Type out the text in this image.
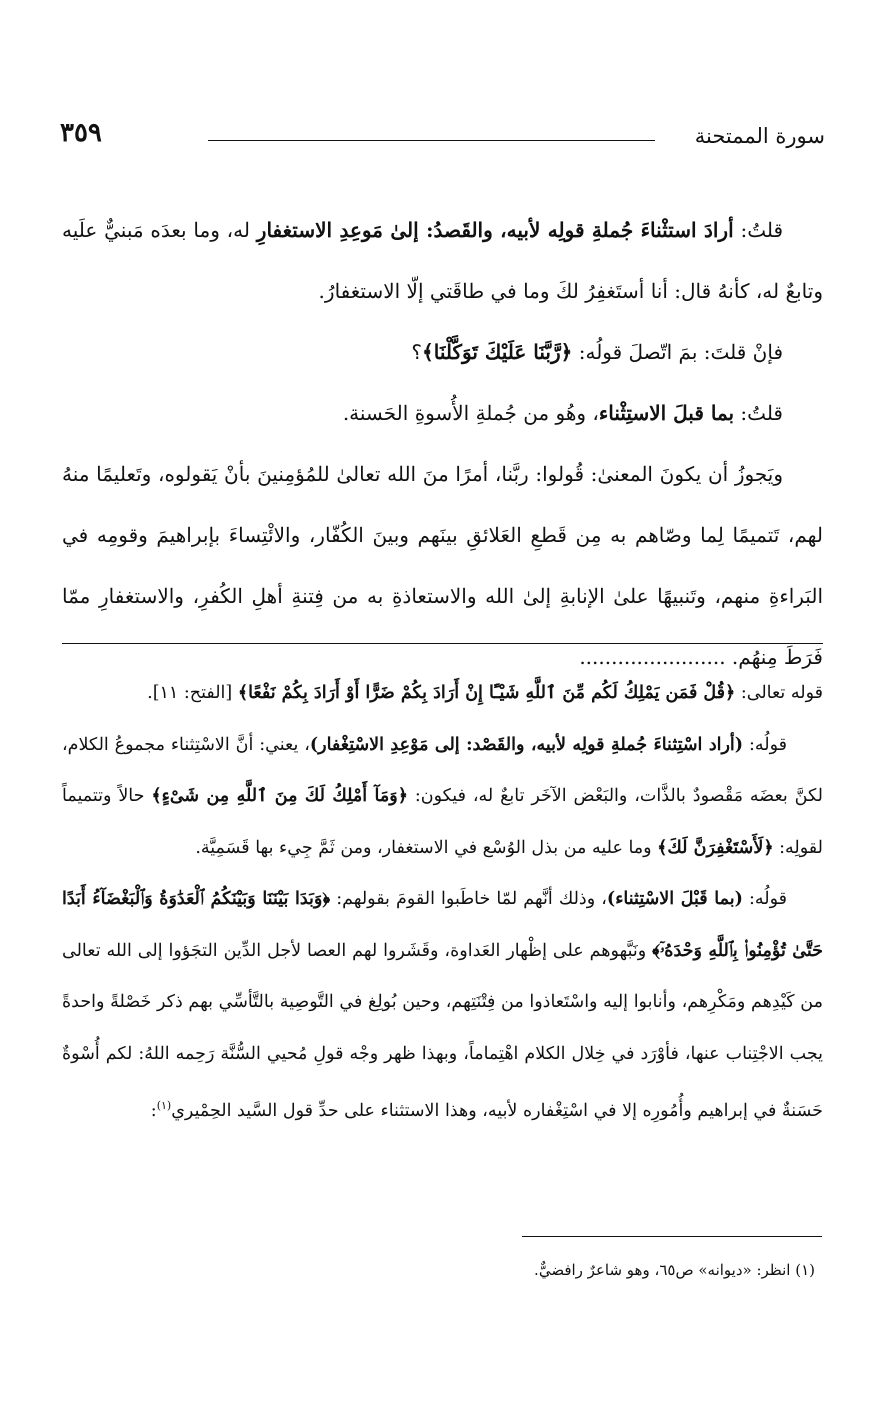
سورة الممتحنة
٣٥٩

قلتُ: أرادَ استثْناءَ جُملةِ قولِه لأبيه، والقَصدُ: إلىٰ مَوعِدِ الاستغفارِ له، وما بعدَه مَبنيٌّ علَيه وتابعٌ له، كأنهُ قال: أنا أستَغفِرُ لكَ وما في طاقَتي إلّا الاستغفارُ.

فإنْ قلتَ: بمَ اتّصلَ قولُه: ﴿رَّبَّنَا عَلَيْكَ تَوَكَّلْنَا﴾؟

قلتُ: بما قبلَ الاستِثْناء، وهُو من جُملةِ الأُسوةِ الحَسنة.

ويَجوزُ أن يكونَ المعنىٰ: قُولوا: ربَّنا، أمرًا منَ الله تعالىٰ للمُؤمِنينَ بأنْ يَقولوه، وتَعليمًا منهُ لهم، تَتميمًا لِما وصّاهم به مِن قَطعِ العَلائقِ بينَهم وبينَ الكُفّار، والائْتِساءَ بإبراهيمَ وقومِه في البَراءةِ منهم، وتَنبيهًا علىٰ الإنابةِ إلىٰ الله والاستعاذةِ به من فِتنةِ أهلِ الكُفرِ، والاستغفارِ ممّا فَرَطَ مِنهُم. .......................

قوله تعالى: ﴿قُلْ فَمَن يَمْلِكُ لَكُم مِّنَ ٱللَّهِ شَيْـًٔا إِنْ أَرَادَ بِكُمْ ضَرًّا أَوْ أَرَادَ بِكُمْ نَفْعًا﴾ [الفتح: ١١].

قولُه: (أراد اسْتِثناءَ جُملةِ قولِه لأبيه، والقَصْد: إلى مَوْعِدِ الاسْتِغْفار)، يعني: أنَّ الاسْتِثناء مجموعُ الكلام، لكنَّ بعضَه مَقْصودٌ بالذَّات، والبَعْض الآخَر تابعٌ له، فيكون: ﴿وَمَآ أَمْلِكُ لَكَ مِنَ ٱللَّهِ مِن شَىْءٍ﴾ حالاً وتتميماً لقولِه: ﴿لَأَسْتَغْفِرَنَّ لَكَ﴾ وما عليه من بذل الوُسْع في الاستغفار، ومن ثَمَّ جِيء بها قَسَمِيَّة.

قولُه: (بما قَبْلَ الاسْتِثناء)، وذلك أنَّهم لمّا خاطَبوا القومَ بقولهم: ﴿وَبَدَا بَيْنَنَا وَبَيْنَكُمُ ٱلْعَدَٰوَةُ وَٱلْبَغْضَآءُ أَبَدًا حَتَّىٰ تُؤْمِنُوا۟ بِٱللَّهِ وَحْدَهُۥٓ﴾ ونَبَّهوهم على إظْهار العَداوة، وقَشَروا لهم العصا لأجل الدِّين التجَؤوا إلى الله تعالى من كَيْدِهم ومَكْرِهم، وأنابوا إليه واسْتَعاذوا من فِتْنَتِهم، وحين بُولِغ في التَّوصِية بالتَّأسِّي بهم ذكر خَصْلةً واحدةً يجب الاجْتِناب عنها، فأوْرَد في خِلال الكلام اهْتِماماً، وبهذا ظهر وجْه قولِ مُحيي السُّنَّة رَحِمه اللهُ: لكم أُسْوةٌ حَسَنةٌ في إبراهيم وأُمُورِه إلا في اسْتِغْفاره لأبيه، وهذا الاستثناء على حدِّ قول السَّيد الحِمْيري$^{(١)}$:

(١) انظر: «ديوانه» ص٦٥، وهو شاعرٌ رافضيٌّ.
